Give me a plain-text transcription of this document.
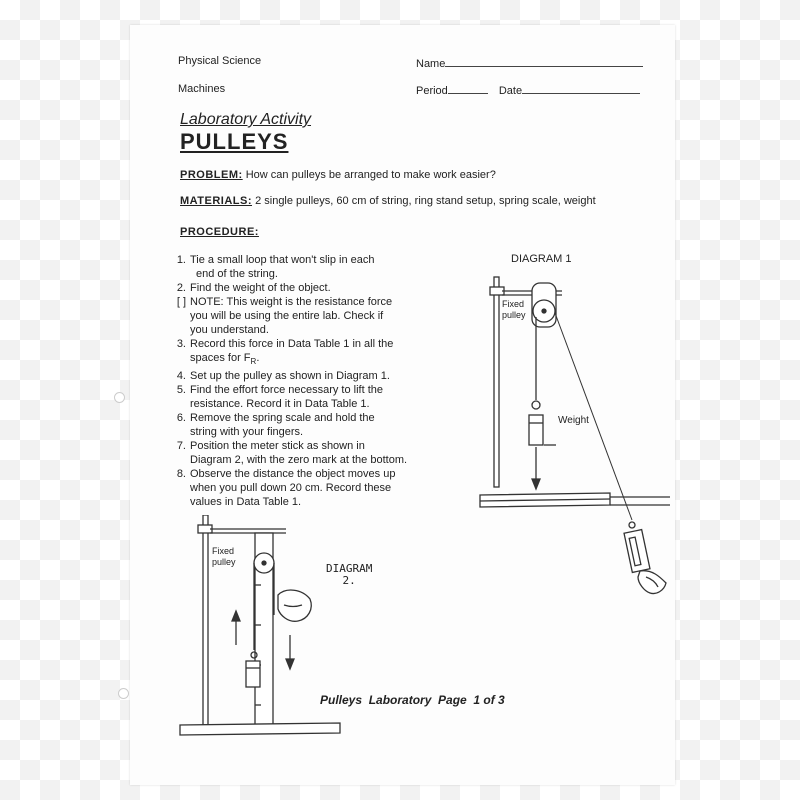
Physical Science
Machines
Name
Period	Date
Laboratory Activity
PULLEYS
PROBLEM: How can pulleys be arranged to make work easier?
MATERIALS: 2 single pulleys, 60 cm of string, ring stand setup, spring scale, weight
PROCEDURE:
1. Tie a small loop that won't slip in each
end of the string.
2. Find the weight of the object.
[ ] NOTE: This weight is the resistance force
you will be using the entire lab. Check if
you understand.
3. Record this force in Data Table 1 in all the
spaces for $F_R$.
4. Set up the pulley as shown in Diagram 1.
5. Find the effort force necessary to lift the
resistance. Record it in Data Table 1.
6. Remove the spring scale and hold the
string with your fingers.
7. Position the meter stick as shown in
Diagram 2, with the zero mark at the bottom.
8. Observe the distance the object moves up
when you pull down 20 cm. Record these
values in Data Table 1.
DIAGRAM 1
Fixed
pulley
Weight
Fixed
pulley	DIAGRAM
2.
Pulleys  Laboratory  Page  1 of 3
